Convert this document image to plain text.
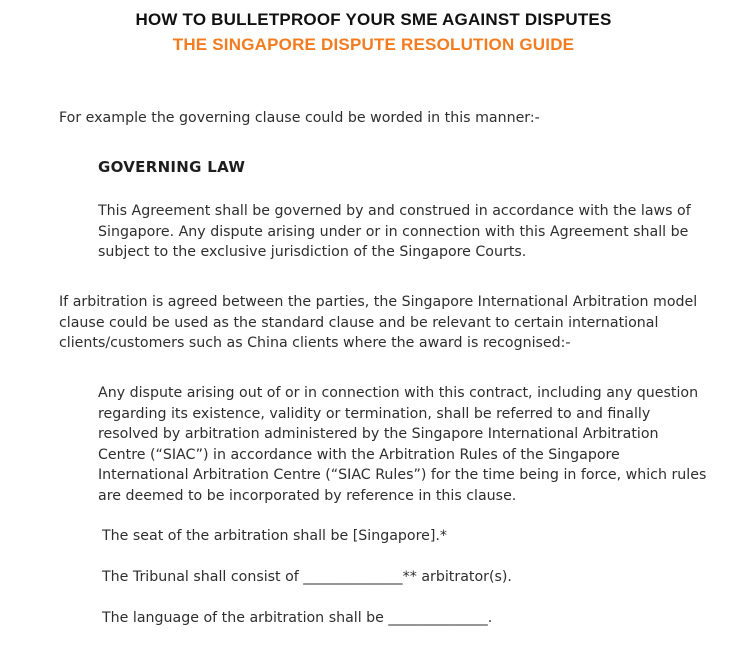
HOW TO BULLETPROOF YOUR SME AGAINST DISPUTES
THE SINGAPORE DISPUTE RESOLUTION GUIDE

For example the governing clause could be worded in this manner:-

GOVERNING LAW

This Agreement shall be governed by and construed in accordance with the laws of Singapore. Any dispute arising under or in connection with this Agreement shall be subject to the exclusive jurisdiction of the Singapore Courts.

If arbitration is agreed between the parties, the Singapore International Arbitration model clause could be used as the standard clause and be relevant to certain international clients/customers such as China clients where the award is recognised:-

Any dispute arising out of or in connection with this contract, including any question regarding its existence, validity or termination, shall be referred to and finally resolved by arbitration administered by the Singapore International Arbitration Centre (“SIAC”) in accordance with the Arbitration Rules of the Singapore International Arbitration Centre (“SIAC Rules”) for the time being in force, which rules are deemed to be incorporated by reference in this clause.

The seat of the arbitration shall be [Singapore].*

The Tribunal shall consist of ______________** arbitrator(s).

The language of the arbitration shall be ______________.
